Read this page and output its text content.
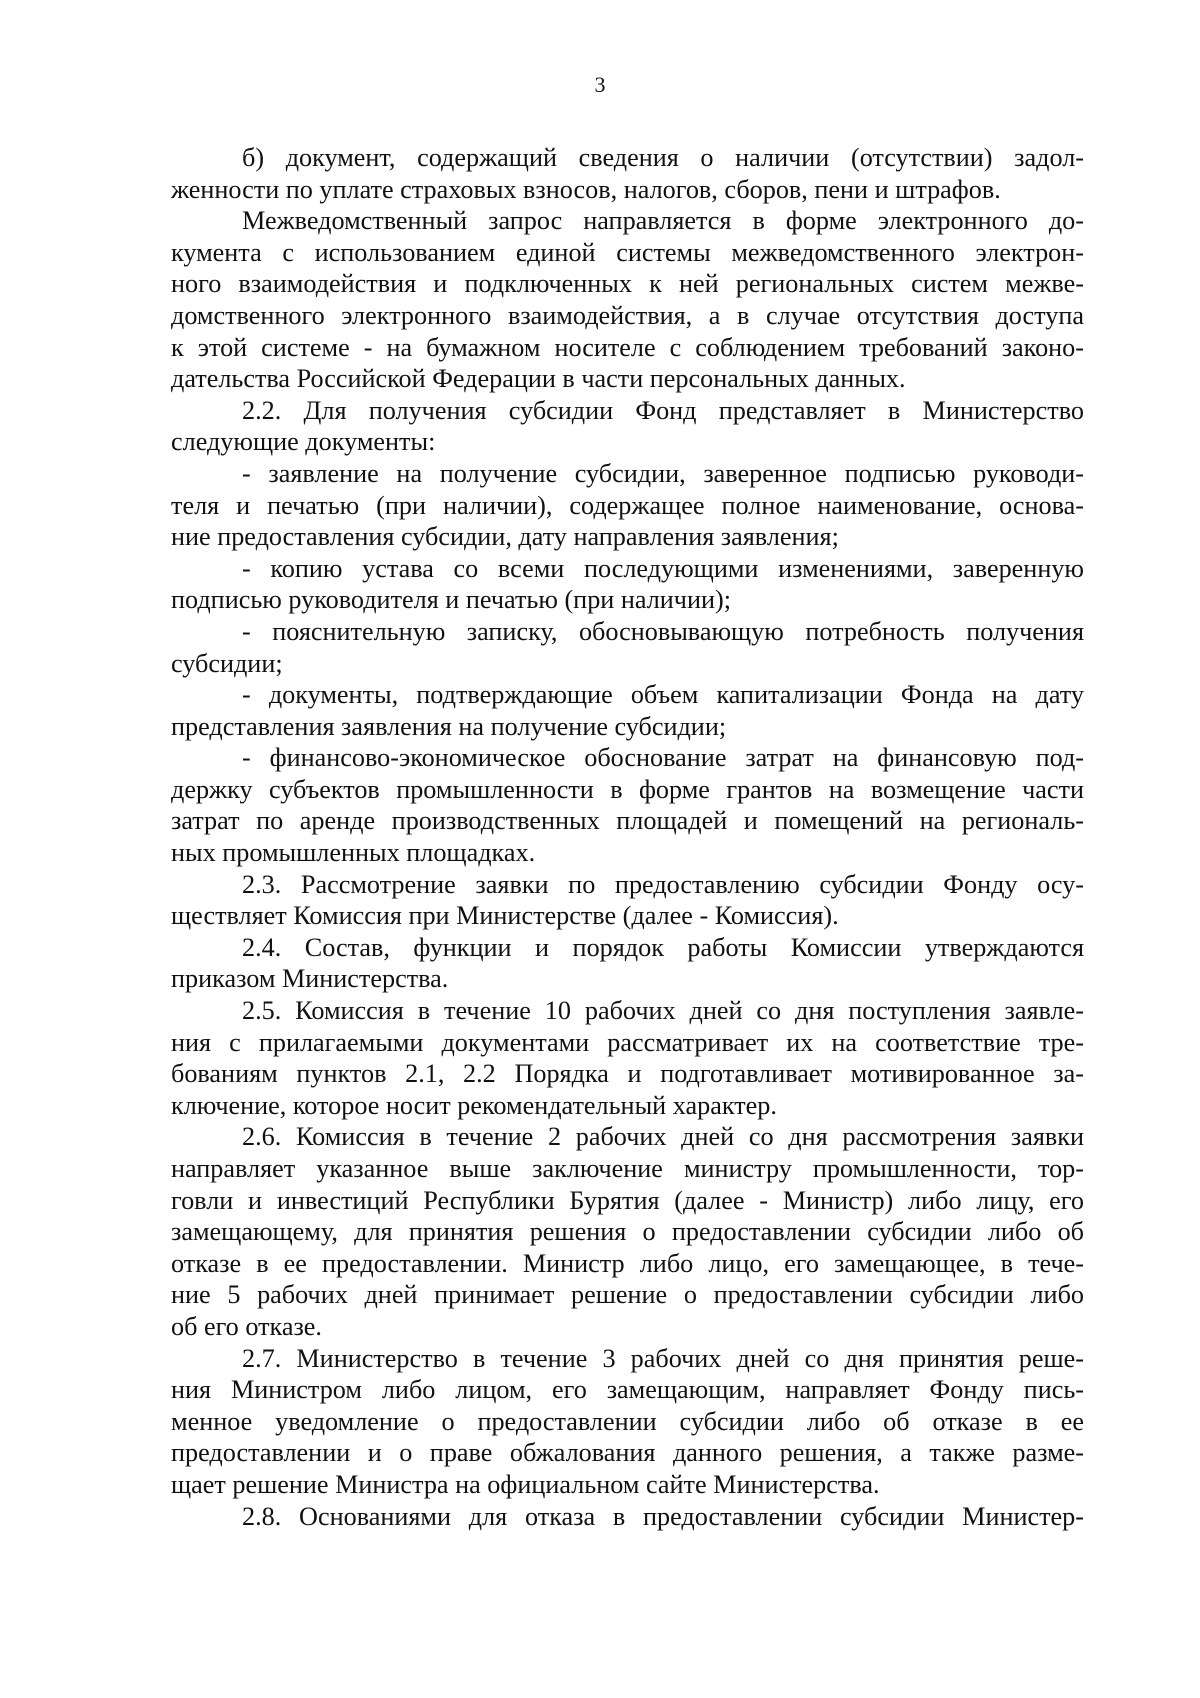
3
б) документ, содержащий сведения о наличии (отсутствии) задол-
женности по уплате страховых взносов, налогов, сборов, пени и штрафов.
Межведомственный запрос направляется в форме электронного до-
кумента с использованием единой системы межведомственного электрон-
ного взаимодействия и подключенных к ней региональных систем межве-
домственного электронного взаимодействия, а в случае отсутствия доступа
к этой системе - на бумажном носителе с соблюдением требований законо-
дательства Российской Федерации в части персональных данных.
2.2. Для получения субсидии Фонд представляет в Министерство
следующие документы:
- заявление на получение субсидии, заверенное подписью руководи-
теля и печатью (при наличии), содержащее полное наименование, основа-
ние предоставления субсидии, дату направления заявления;
- копию устава со всеми последующими изменениями, заверенную
подписью руководителя и печатью (при наличии);
- пояснительную записку, обосновывающую потребность получения
субсидии;
- документы, подтверждающие объем капитализации Фонда на дату
представления заявления на получение субсидии;
- финансово-экономическое обоснование затрат на финансовую под-
держку субъектов промышленности в форме грантов на возмещение части
затрат по аренде производственных площадей и помещений на региональ-
ных промышленных площадках.
2.3. Рассмотрение заявки по предоставлению субсидии Фонду осу-
ществляет Комиссия при Министерстве (далее - Комиссия).
2.4. Состав, функции и порядок работы Комиссии утверждаются
приказом Министерства.
2.5. Комиссия в течение 10 рабочих дней со дня поступления заявле-
ния с прилагаемыми документами рассматривает их на соответствие тре-
бованиям пунктов 2.1, 2.2 Порядка и подготавливает мотивированное за-
ключение, которое носит рекомендательный характер.
2.6. Комиссия в течение 2 рабочих дней со дня рассмотрения заявки
направляет указанное выше заключение министру промышленности, тор-
говли и инвестиций Республики Бурятия (далее - Министр) либо лицу, его
замещающему, для принятия решения о предоставлении субсидии либо об
отказе в ее предоставлении. Министр либо лицо, его замещающее, в тече-
ние 5 рабочих дней принимает решение о предоставлении субсидии либо
об его отказе.
2.7. Министерство в течение 3 рабочих дней со дня принятия реше-
ния Министром либо лицом, его замещающим, направляет Фонду пись-
менное уведомление о предоставлении субсидии либо об отказе в ее
предоставлении и о праве обжалования данного решения, а также разме-
щает решение Министра на официальном сайте Министерства.
2.8. Основаниями для отказа в предоставлении субсидии Министер-
